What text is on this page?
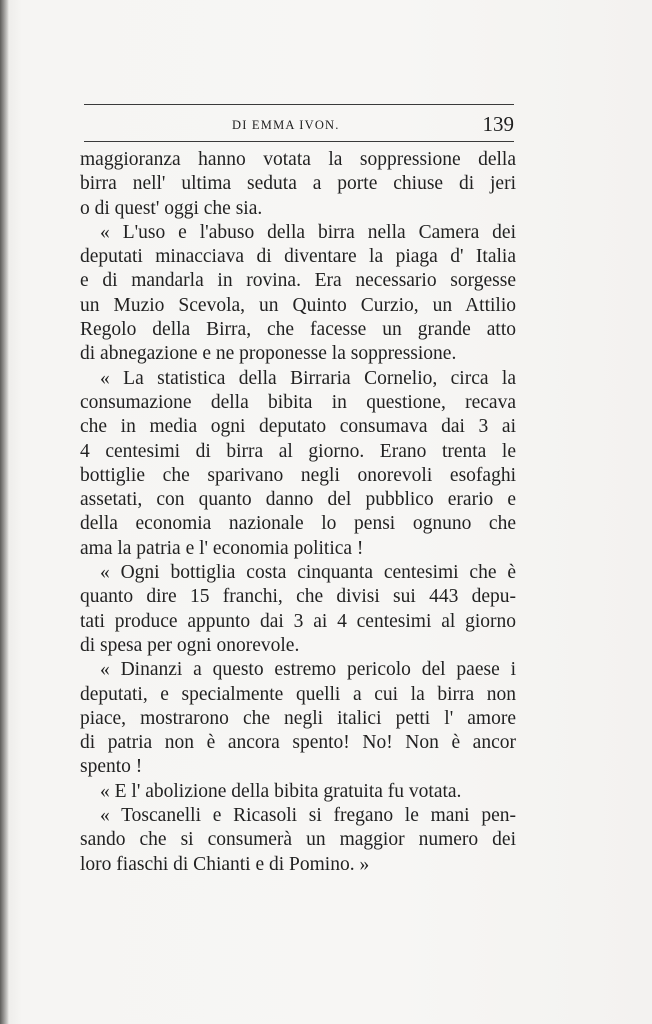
DI EMMA IVON.	139

maggioranza hanno votata la soppressione della

birra nell' ultima seduta a porte chiuse di jeri

o di quest' oggi che sia.

« L'uso e l'abuso della birra nella Camera dei

deputati minacciava di diventare la piaga d' Italia

e di mandarla in rovina. Era necessario sorgesse

un Muzio Scevola, un Quinto Curzio, un Attilio

Regolo della Birra, che facesse un grande atto

di abnegazione e ne proponesse la soppressione.

« La statistica della Birraria Cornelio, circa la

consumazione della bibita in questione, recava

che in media ogni deputato consumava dai 3 ai

4 centesimi di birra al giorno. Erano trenta le

bottiglie che sparivano negli onorevoli esofaghi

assetati, con quanto danno del pubblico erario e

della economia nazionale lo pensi ognuno che

ama la patria e l' economia politica !

« Ogni bottiglia costa cinquanta centesimi che è

quanto dire 15 franchi, che divisi sui 443 depu-

tati produce appunto dai 3 ai 4 centesimi al giorno

di spesa per ogni onorevole.

« Dinanzi a questo estremo pericolo del paese i

deputati, e specialmente quelli a cui la birra non

piace, mostrarono che negli italici petti l' amore

di patria non è ancora spento! No! Non è ancor

spento !

« E l' abolizione della bibita gratuita fu votata.

« Toscanelli e Ricasoli si fregano le mani pen-

sando che si consumerà un maggior numero dei

loro fiaschi di Chianti e di Pomino. »
